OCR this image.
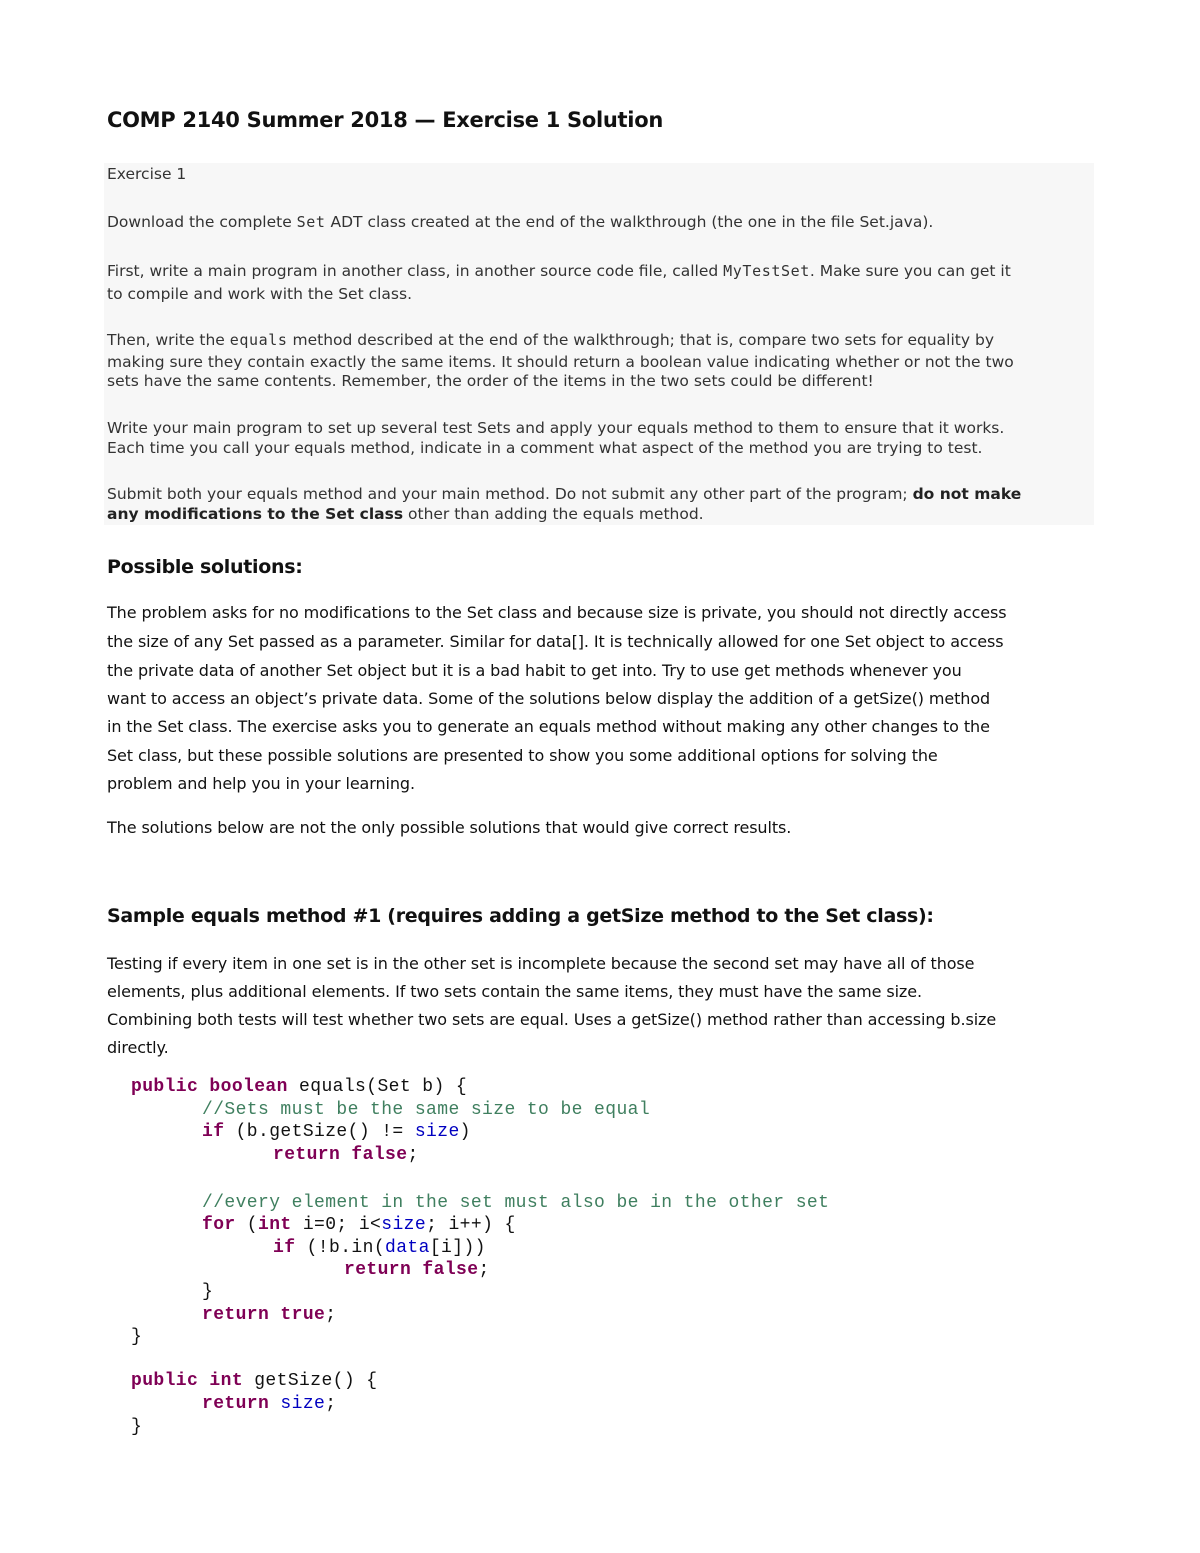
COMP 2140 Summer 2018 — Exercise 1 Solution
Exercise 1
Download the complete Set ADT class created at the end of the walkthrough (the one in the file Set.java).
First, write a main program in another class, in another source code file, called MyTestSet. Make sure you can get it
to compile and work with the Set class.
Then, write the equals method described at the end of the walkthrough; that is, compare two sets for equality by
making sure they contain exactly the same items. It should return a boolean value indicating whether or not the two
sets have the same contents. Remember, the order of the items in the two sets could be different!
Write your main program to set up several test Sets and apply your equals method to them to ensure that it works.
Each time you call your equals method, indicate in a comment what aspect of the method you are trying to test.
Submit both your equals method and your main method. Do not submit any other part of the program; do not make
any modifications to the Set class other than adding the equals method.
Possible solutions:
The problem asks for no modifications to the Set class and because size is private, you should not directly access
the size of any Set passed as a parameter. Similar for data[]. It is technically allowed for one Set object to access
the private data of another Set object but it is a bad habit to get into. Try to use get methods whenever you
want to access an object’s private data. Some of the solutions below display the addition of a getSize() method
in the Set class. The exercise asks you to generate an equals method without making any other changes to the
Set class, but these possible solutions are presented to show you some additional options for solving the
problem and help you in your learning.
The solutions below are not the only possible solutions that would give correct results.
Sample equals method #1 (requires adding a getSize method to the Set class):
Testing if every item in one set is in the other set is incomplete because the second set may have all of those
elements, plus additional elements. If two sets contain the same items, they must have the same size.
Combining both tests will test whether two sets are equal. Uses a getSize() method rather than accessing b.size
directly.
public boolean equals(Set b) {
//Sets must be the same size to be equal
if (b.getSize() != size)
return false;
//every element in the set must also be in the other set
for (int i=0; i<size; i++) {
if (!b.in(data[i]))
return false;
}
return true;
}
public int getSize() {
return size;
}
